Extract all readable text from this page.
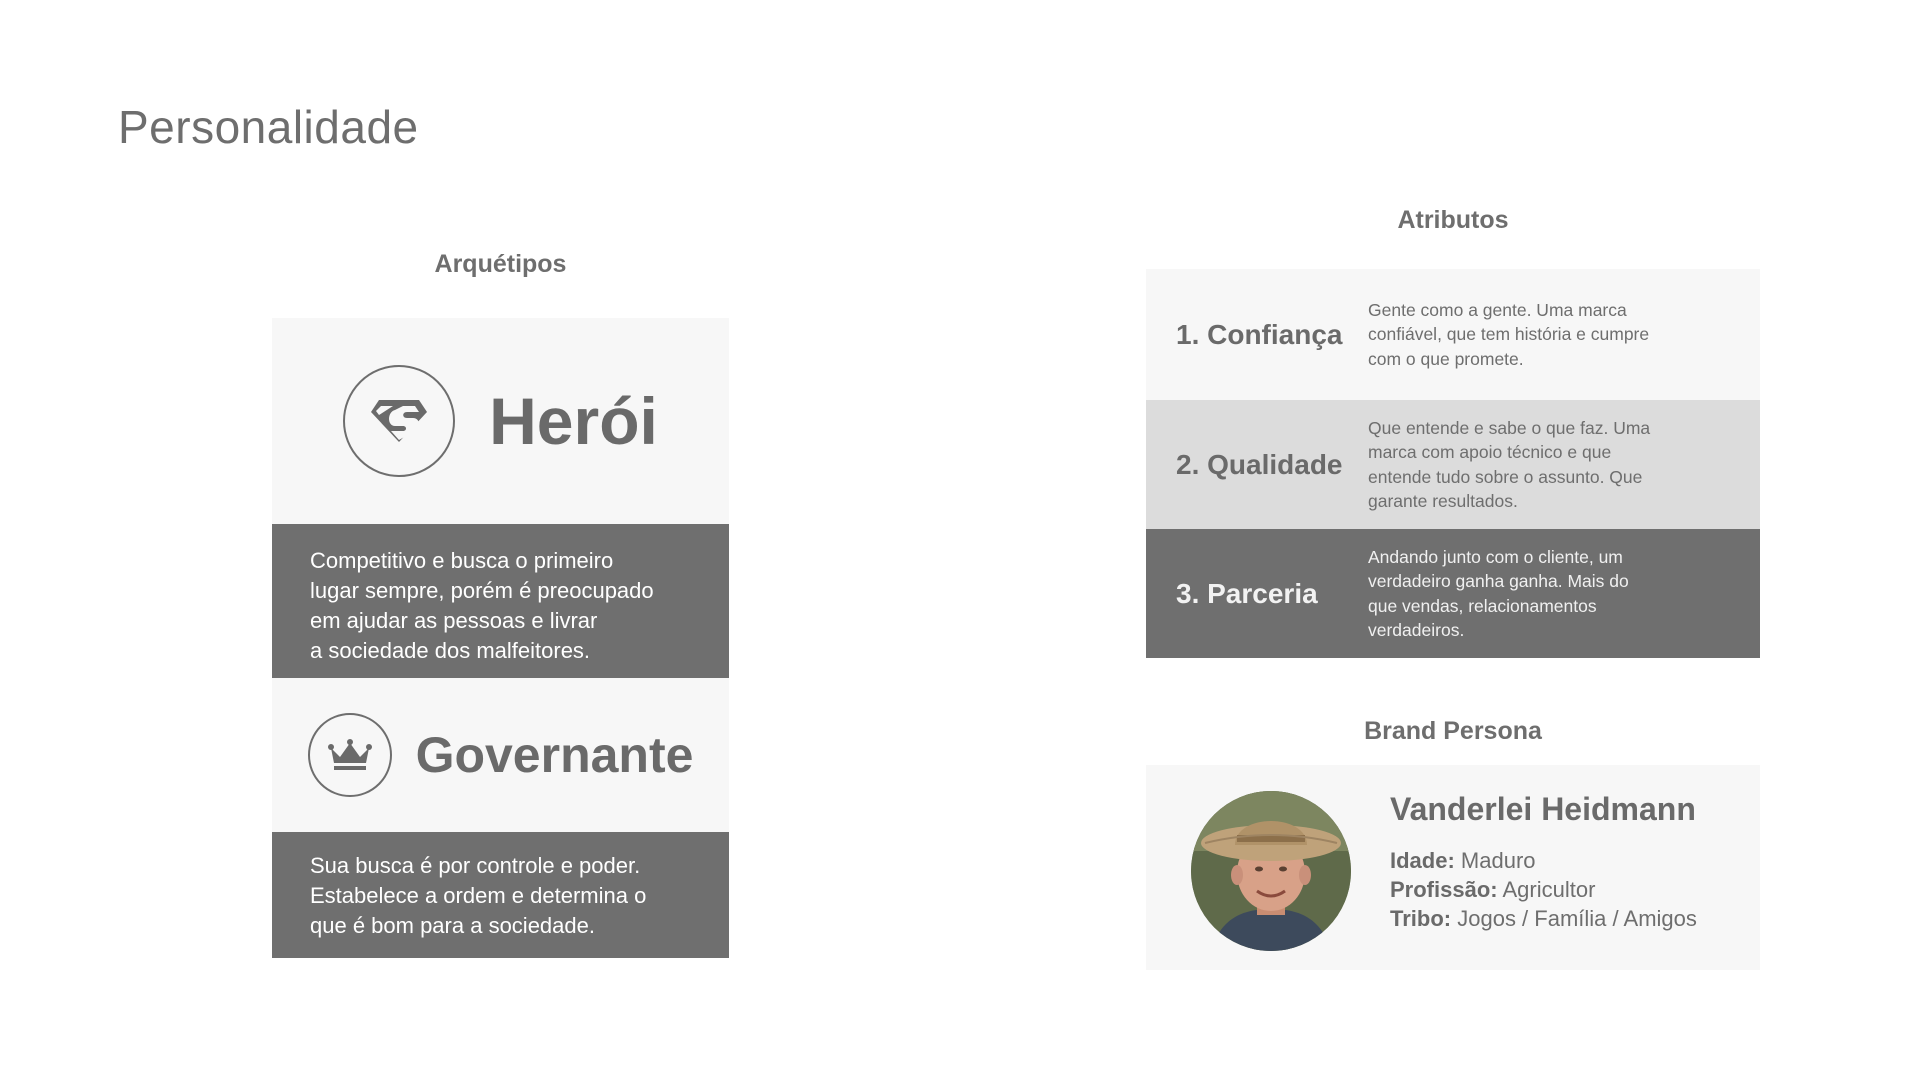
Personalidade
Arquétipos
Herói
Competitivo e busca o primeiro
lugar sempre, porém é preocupado
em ajudar as pessoas e livrar
a sociedade dos malfeitores.
Governante
Sua busca é por controle e poder.
Estabelece a ordem e determina o
que é bom para a sociedade.
Atributos
1. Confiança
Gente como a gente. Uma marca
confiável, que tem história e cumpre
com o que promete.
2. Qualidade
Que entende e sabe o que faz. Uma
marca com apoio técnico e que
entende tudo sobre o assunto. Que
garante resultados.
3. Parceria
Andando junto com o cliente, um
verdadeiro ganha ganha. Mais do
que vendas, relacionamentos
verdadeiros.
Brand Persona
Vanderlei Heidmann
Idade: Maduro
Profissão: Agricultor
Tribo: Jogos / Família / Amigos
